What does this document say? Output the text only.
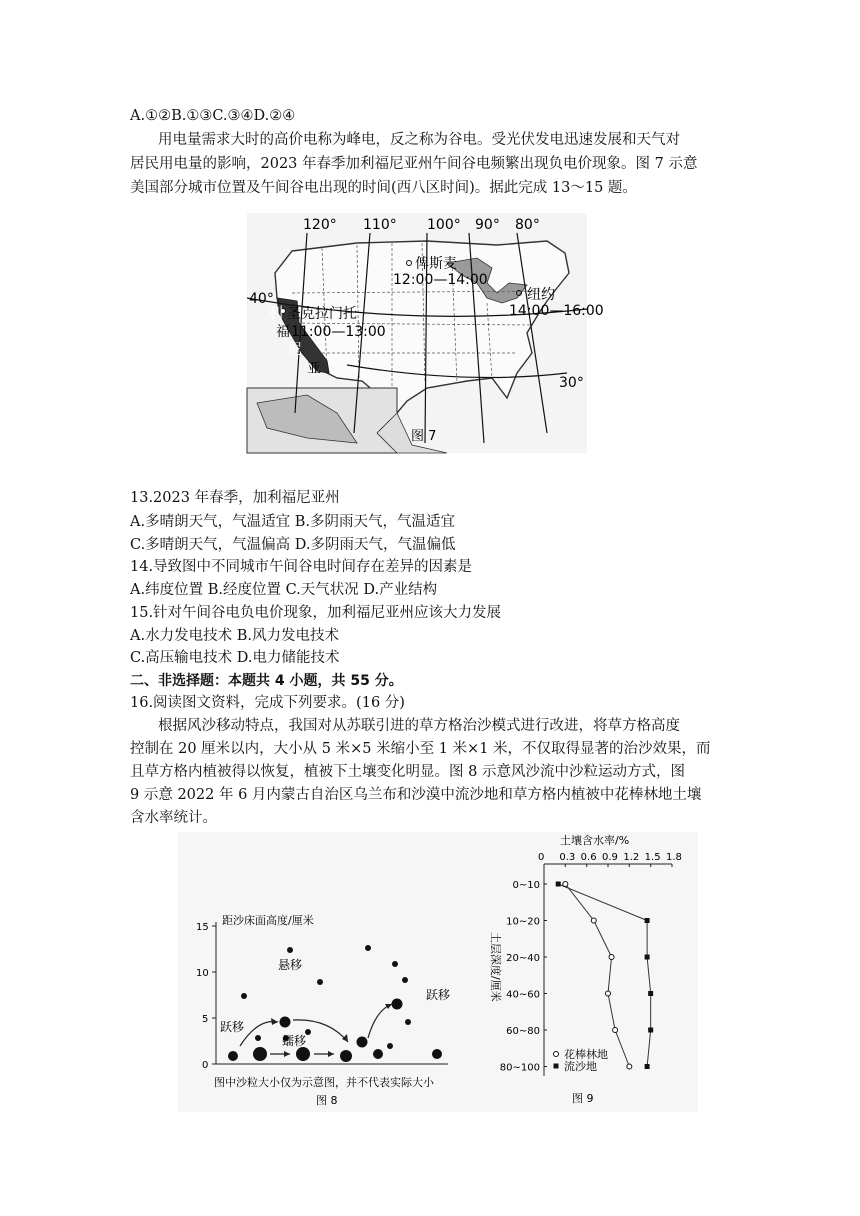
A.①②B.①③C.③④D.②④
用电量需求大时的高价电称为峰电，反之称为谷电。受光伏发电迅速发展和天气对
居民用电量的影响，2023 年春季加利福尼亚州午间谷电频繁出现负电价现象。图 7 示意
美国部分城市位置及午间谷电出现的时间(西八区时间)。据此完成 13～15 题。
120° 110° 100° 90° 80°
40°
30°
俾斯麦
12:00—14:00
利 圣克拉门托
福 11:00—13:00
尼
亚
纽约
14:00—16:00
图 7
13.2023 年春季，加利福尼亚州
A.多晴朗天气，气温适宜 B.多阴雨天气，气温适宜
C.多晴朗天气，气温偏高 D.多阴雨天气，气温偏低
14.导致图中不同城市午间谷电时间存在差异的因素是
A.纬度位置 B.经度位置 C.天气状况 D.产业结构
15.针对午间谷电负电价现象，加利福尼亚州应该大力发展
A.水力发电技术 B.风力发电技术
C.高压输电技术 D.电力储能技术
二、非选择题：本题共 4 小题，共 55 分。
16.阅读图文资料，完成下列要求。(16 分)
根据风沙移动特点，我国对从苏联引进的草方格治沙模式进行改进，将草方格高度
控制在 20 厘米以内，大小从 5 米×5 米缩小至 1 米×1 米，不仅取得显著的治沙效果，而
且草方格内植被得以恢复，植被下土壤变化明显。图 8 示意风沙流中沙粒运动方式，图
9 示意 2022 年 6 月内蒙古自治区乌兰布和沙漠中流沙地和草方格内植被中花棒林地土壤
含水率统计。
0
5
10
15
距沙床面高度/厘米
悬移
跃移
跃移
蠕移
图中沙粒大小仅为示意图，并不代表实际大小
图 8
土壤含水率/%
0 0.3 0.6 0.9 1.2 1.5 1.8
0~10
10~20
20~40
40~60
60~80
80~100
土层深度/厘米
花棒林地
流沙地
图 9
